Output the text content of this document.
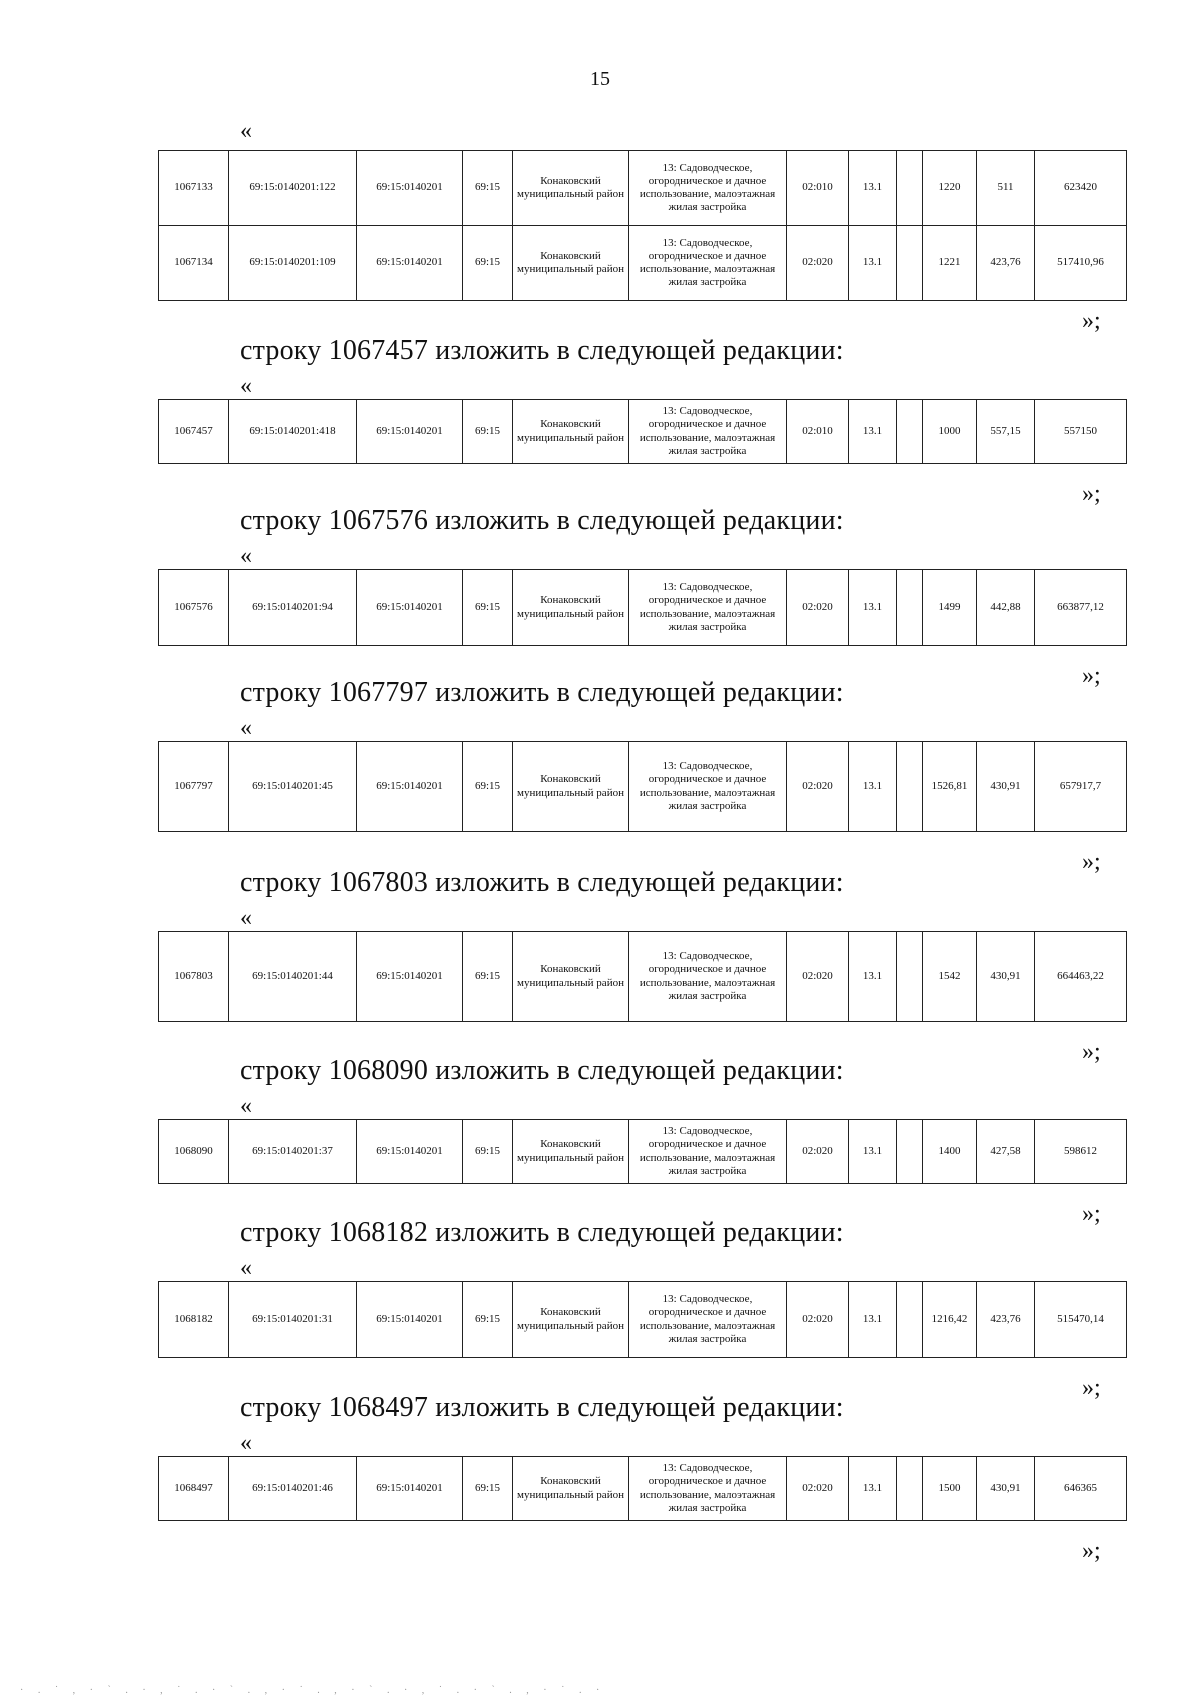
15
«
1067133	69:15:0140201:122	69:15:0140201	69:15	Конаковский муниципальный район	13: Садоводческое, огородническое и дачное использование, малоэтажная жилая застройка	02:010	13.1		1220	511	623420
1067134	69:15:0140201:109	69:15:0140201	69:15	Конаковский муниципальный район	13: Садоводческое, огородническое и дачное использование, малоэтажная жилая застройка	02:020	13.1		1221	423,76	517410,96
»;
строку 1067457 изложить в следующей редакции:
«
1067457	69:15:0140201:418	69:15:0140201	69:15	Конаковский муниципальный район	13: Садоводческое, огородническое и дачное использование, малоэтажная жилая застройка	02:010	13.1		1000	557,15	557150
»;
строку 1067576 изложить в следующей редакции:
«
1067576	69:15:0140201:94	69:15:0140201	69:15	Конаковский муниципальный район	13: Садоводческое, огородническое и дачное использование, малоэтажная жилая застройка	02:020	13.1		1499	442,88	663877,12
»;
строку 1067797 изложить в следующей редакции:
«
1067797	69:15:0140201:45	69:15:0140201	69:15	Конаковский муниципальный район	13: Садоводческое, огородническое и дачное использование, малоэтажная жилая застройка	02:020	13.1		1526,81	430,91	657917,7
»;
строку 1067803 изложить в следующей редакции:
«
1067803	69:15:0140201:44	69:15:0140201	69:15	Конаковский муниципальный район	13: Садоводческое, огородническое и дачное использование, малоэтажная жилая застройка	02:020	13.1		1542	430,91	664463,22
»;
строку 1068090 изложить в следующей редакции:
«
1068090	69:15:0140201:37	69:15:0140201	69:15	Конаковский муниципальный район	13: Садоводческое, огородническое и дачное использование, малоэтажная жилая застройка	02:020	13.1		1400	427,58	598612
»;
строку 1068182 изложить в следующей редакции:
«
1068182	69:15:0140201:31	69:15:0140201	69:15	Конаковский муниципальный район	13: Садоводческое, огородническое и дачное использование, малоэтажная жилая застройка	02:020	13.1		1216,42	423,76	515470,14
»;
строку 1068497 изложить в следующей редакции:
«
1068497	69:15:0140201:46	69:15:0140201	69:15	Конаковский муниципальный район	13: Садоводческое, огородническое и дачное использование, малоэтажная жилая застройка	02:020	13.1		1500	430,91	646365
»;
· . ˙ , · ` . · , ˙ . · ` . , · ˙ . , · ` . · , ˙ . · ` . , · ˙ . ·
